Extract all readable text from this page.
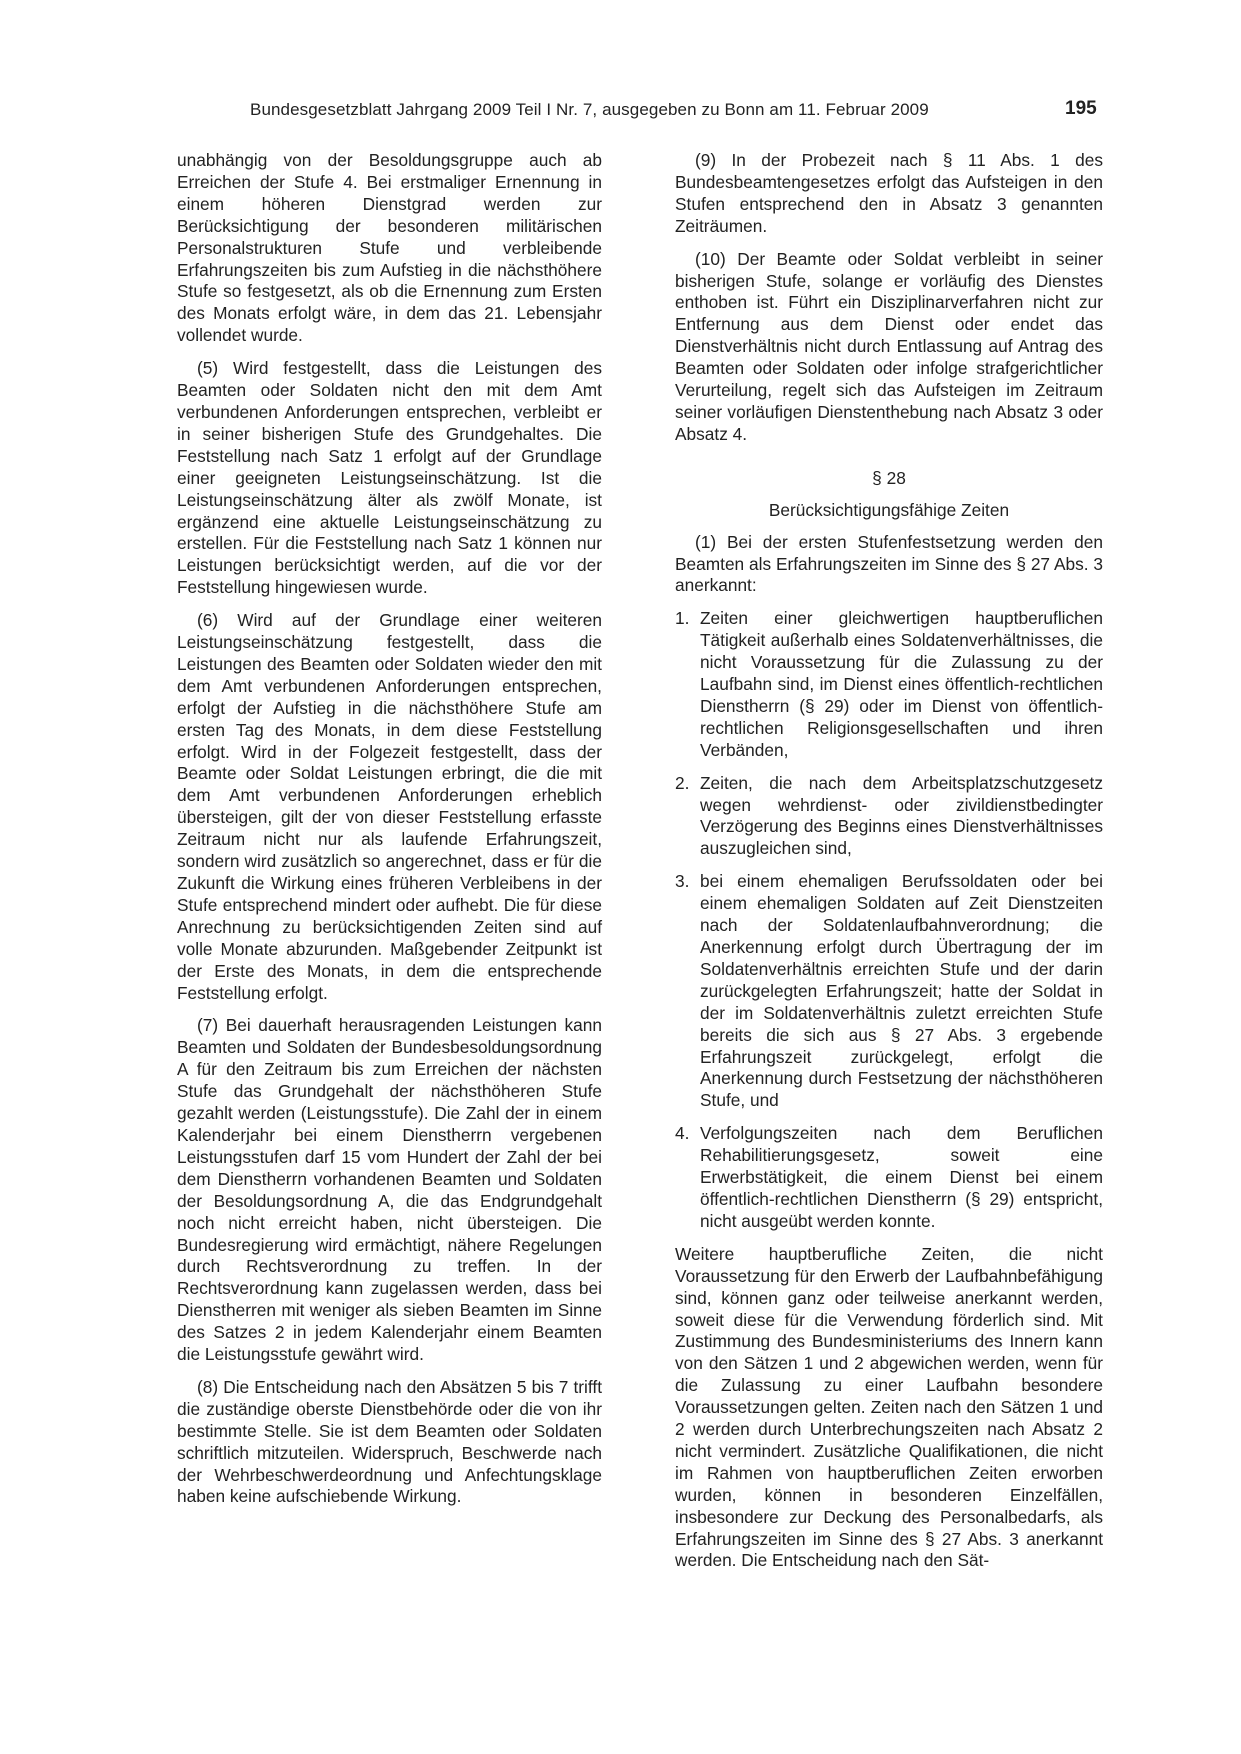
Bundesgesetzblatt Jahrgang 2009 Teil I Nr. 7, ausgegeben zu Bonn am 11. Februar 2009	195

unabhängig von der Besoldungsgruppe auch ab Erreichen der Stufe 4. Bei erstmaliger Ernennung in einem höheren Dienstgrad werden zur Berücksichtigung der besonderen militärischen Personalstrukturen Stufe und verbleibende Erfahrungszeiten bis zum Aufstieg in die nächsthöhere Stufe so festgesetzt, als ob die Ernennung zum Ersten des Monats erfolgt wäre, in dem das 21. Lebensjahr vollendet wurde.

(5) Wird festgestellt, dass die Leistungen des Beamten oder Soldaten nicht den mit dem Amt verbundenen Anforderungen entsprechen, verbleibt er in seiner bisherigen Stufe des Grundgehaltes. Die Feststellung nach Satz 1 erfolgt auf der Grundlage einer geeigneten Leistungseinschätzung. Ist die Leistungseinschätzung älter als zwölf Monate, ist ergänzend eine aktuelle Leistungseinschätzung zu erstellen. Für die Feststellung nach Satz 1 können nur Leistungen berücksichtigt werden, auf die vor der Feststellung hingewiesen wurde.

(6) Wird auf der Grundlage einer weiteren Leistungseinschätzung festgestellt, dass die Leistungen des Beamten oder Soldaten wieder den mit dem Amt verbundenen Anforderungen entsprechen, erfolgt der Aufstieg in die nächsthöhere Stufe am ersten Tag des Monats, in dem diese Feststellung erfolgt. Wird in der Folgezeit festgestellt, dass der Beamte oder Soldat Leistungen erbringt, die die mit dem Amt verbundenen Anforderungen erheblich übersteigen, gilt der von dieser Feststellung erfasste Zeitraum nicht nur als laufende Erfahrungszeit, sondern wird zusätzlich so angerechnet, dass er für die Zukunft die Wirkung eines früheren Verbleibens in der Stufe entsprechend mindert oder aufhebt. Die für diese Anrechnung zu berücksichtigenden Zeiten sind auf volle Monate abzurunden. Maßgebender Zeitpunkt ist der Erste des Monats, in dem die entsprechende Feststellung erfolgt.

(7) Bei dauerhaft herausragenden Leistungen kann Beamten und Soldaten der Bundesbesoldungsordnung A für den Zeitraum bis zum Erreichen der nächsten Stufe das Grundgehalt der nächsthöheren Stufe gezahlt werden (Leistungsstufe). Die Zahl der in einem Kalenderjahr bei einem Dienstherrn vergebenen Leistungsstufen darf 15 vom Hundert der Zahl der bei dem Dienstherrn vorhandenen Beamten und Soldaten der Besoldungsordnung A, die das Endgrundgehalt noch nicht erreicht haben, nicht übersteigen. Die Bundesregierung wird ermächtigt, nähere Regelungen durch Rechtsverordnung zu treffen. In der Rechtsverordnung kann zugelassen werden, dass bei Dienstherren mit weniger als sieben Beamten im Sinne des Satzes 2 in jedem Kalenderjahr einem Beamten die Leistungsstufe gewährt wird.

(8) Die Entscheidung nach den Absätzen 5 bis 7 trifft die zuständige oberste Dienstbehörde oder die von ihr bestimmte Stelle. Sie ist dem Beamten oder Soldaten schriftlich mitzuteilen. Widerspruch, Beschwerde nach der Wehrbeschwerdeordnung und Anfechtungsklage haben keine aufschiebende Wirkung.

(9) In der Probezeit nach § 11 Abs. 1 des Bundesbeamtengesetzes erfolgt das Aufsteigen in den Stufen entsprechend den in Absatz 3 genannten Zeiträumen.

(10) Der Beamte oder Soldat verbleibt in seiner bisherigen Stufe, solange er vorläufig des Dienstes enthoben ist. Führt ein Disziplinarverfahren nicht zur Entfernung aus dem Dienst oder endet das Dienstverhältnis nicht durch Entlassung auf Antrag des Beamten oder Soldaten oder infolge strafgerichtlicher Verurteilung, regelt sich das Aufsteigen im Zeitraum seiner vorläufigen Dienstenthebung nach Absatz 3 oder Absatz 4.

§ 28

Berücksichtigungsfähige Zeiten

(1) Bei der ersten Stufenfestsetzung werden den Beamten als Erfahrungszeiten im Sinne des § 27 Abs. 3 anerkannt:

1. Zeiten einer gleichwertigen hauptberuflichen Tätigkeit außerhalb eines Soldatenverhältnisses, die nicht Voraussetzung für die Zulassung zu der Laufbahn sind, im Dienst eines öffentlich-rechtlichen Dienstherrn (§ 29) oder im Dienst von öffentlich-rechtlichen Religionsgesellschaften und ihren Verbänden,
2. Zeiten, die nach dem Arbeitsplatzschutzgesetz wegen wehrdienst- oder zivildienstbedingter Verzögerung des Beginns eines Dienstverhältnisses auszugleichen sind,
3. bei einem ehemaligen Berufssoldaten oder bei einem ehemaligen Soldaten auf Zeit Dienstzeiten nach der Soldatenlaufbahnverordnung; die Anerkennung erfolgt durch Übertragung der im Soldatenverhältnis erreichten Stufe und der darin zurückgelegten Erfahrungszeit; hatte der Soldat in der im Soldatenverhältnis zuletzt erreichten Stufe bereits die sich aus § 27 Abs. 3 ergebende Erfahrungszeit zurückgelegt, erfolgt die Anerkennung durch Festsetzung der nächsthöheren Stufe, und
4. Verfolgungszeiten nach dem Beruflichen Rehabilitierungsgesetz, soweit eine Erwerbstätigkeit, die einem Dienst bei einem öffentlich-rechtlichen Dienstherrn (§ 29) entspricht, nicht ausgeübt werden konnte.

Weitere hauptberufliche Zeiten, die nicht Voraussetzung für den Erwerb der Laufbahnbefähigung sind, können ganz oder teilweise anerkannt werden, soweit diese für die Verwendung förderlich sind. Mit Zustimmung des Bundesministeriums des Innern kann von den Sätzen 1 und 2 abgewichen werden, wenn für die Zulassung zu einer Laufbahn besondere Voraussetzungen gelten. Zeiten nach den Sätzen 1 und 2 werden durch Unterbrechungszeiten nach Absatz 2 nicht vermindert. Zusätzliche Qualifikationen, die nicht im Rahmen von hauptberuflichen Zeiten erworben wurden, können in besonderen Einzelfällen, insbesondere zur Deckung des Personalbedarfs, als Erfahrungszeiten im Sinne des § 27 Abs. 3 anerkannt werden. Die Entscheidung nach den Sät-
